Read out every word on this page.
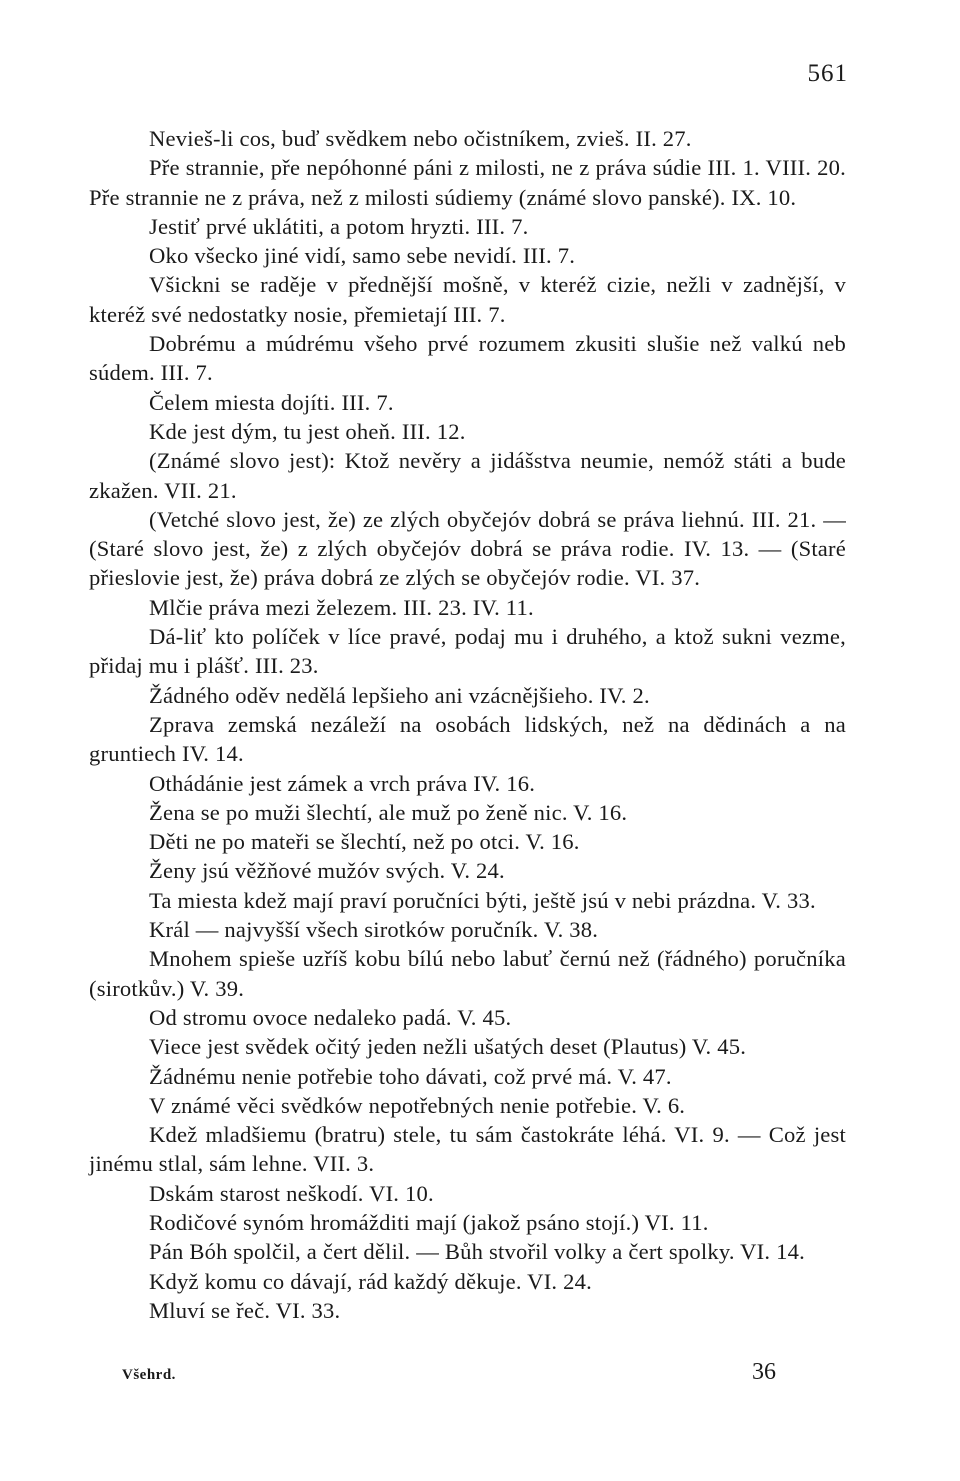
561

Nevieš-li cos, buď svědkem nebo očistníkem, zvieš. II. 27.

Pře strannie, pře nepóhonné páni z milosti, ne z práva súdie III. 1. VIII. 20. Pře strannie ne z práva, než z milosti súdiemy (známé slovo panské). IX. 10.

Jestiť prvé uklátiti, a potom hryzti. III. 7.

Oko všecko jiné vidí, samo sebe nevidí. III. 7.

Všickni se raděje v přednější mošně, v kteréž cizie, nežli v zadnější, v kteréž své nedostatky nosie, přemietají III. 7.

Dobrému a múdrému všeho prvé rozumem zkusiti slušie než valkú neb súdem. III. 7.

Čelem miesta dojíti. III. 7.

Kde jest dým, tu jest oheň. III. 12.

(Známé slovo jest): Ktož nevěry a jidášstva neumie, nemóž státi a bude zkažen. VII. 21.

(Vetché slovo jest, že) ze zlých obyčejóv dobrá se práva liehnú. III. 21. — (Staré slovo jest, že) z zlých obyčejóv dobrá se práva rodie. IV. 13. — (Staré přieslovie jest, že) práva dobrá ze zlých se obyčejóv rodie. VI. 37.

Mlčie práva mezi železem. III. 23. IV. 11.

Dá-liť kto políček v líce pravé, podaj mu i druhého, a ktož sukni vezme, přidaj mu i plášť. III. 23.

Žádného oděv nedělá lepšieho ani vzácnějšieho. IV. 2.

Zprava zemská nezáleží na osobách lidských, než na dědinách a na gruntiech IV. 14.

Othádánie jest zámek a vrch práva IV. 16.

Žena se po muži šlechtí, ale muž po ženě nic. V. 16.

Děti ne po mateři se šlechtí, než po otci. V. 16.

Ženy jsú věžňové mužóv svých. V. 24.

Ta miesta kdež mají praví poručníci býti, ještě jsú v nebi prázdna. V. 33.

Král — najvyšší všech sirotków poručník. V. 38.

Mnohem spieše uzříš kobu bílú nebo labuť černú než (řádného) poručníka (sirotkův.) V. 39.

Od stromu ovoce nedaleko padá. V. 45.

Viece jest svědek očitý jeden nežli ušatých deset (Plautus) V. 45.

Žádnému nenie potřebie toho dávati, což prvé má. V. 47.

V známé věci svědków nepotřebných nenie potřebie. V. 6.

Kdež mladšiemu (bratru) stele, tu sám častokráte léhá. VI. 9. — Což jest jinému stlal, sám lehne. VII. 3.

Dskám starost neškodí. VI. 10.

Rodičové synóm hromážditi mají (jakož psáno stojí.) VI. 11.

Pán Bóh spolčil, a čert dělil. — Bůh stvořil volky a čert spolky. VI. 14.

Když komu co dávají, rád každý děkuje. VI. 24.

Mluví se řeč. VI. 33.

Všehrd.	36
